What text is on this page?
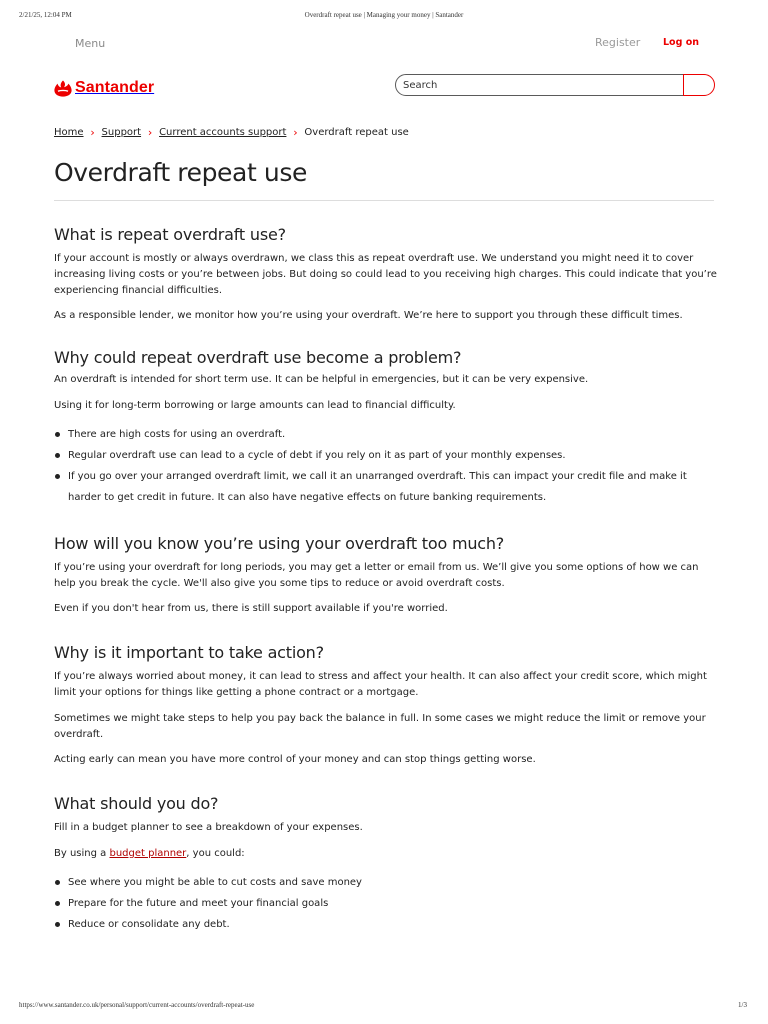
2/21/25, 12:04 PM	Overdraft repeat use | Managing your money | Santander
Menu	Register Log on
Santander
Search
Home › Support › Current accounts support › Overdraft repeat use
Overdraft repeat use
What is repeat overdraft use?

If your account is mostly or always overdrawn, we class this as repeat overdraft use. We understand you might need it to cover increasing living costs or you’re between jobs. But doing so could lead to you receiving high charges. This could indicate that you’re experiencing financial difficulties.

As a responsible lender, we monitor how you’re using your overdraft. We’re here to support you through these difficult times.

Why could repeat overdraft use become a problem?

An overdraft is intended for short term use. It can be helpful in emergencies, but it can be very expensive.

Using it for long-term borrowing or large amounts can lead to financial difficulty.

There are high costs for using an overdraft.
Regular overdraft use can lead to a cycle of debt if you rely on it as part of your monthly expenses.
If you go over your arranged overdraft limit, we call it an unarranged overdraft. This can impact your credit file and make it harder to get credit in future. It can also have negative effects on future banking requirements.
How will you know you’re using your overdraft too much?

If you’re using your overdraft for long periods, you may get a letter or email from us. We’ll give you some options of how we can help you break the cycle. We'll also give you some tips to reduce or avoid overdraft costs.

Even if you don't hear from us, there is still support available if you're worried.

Why is it important to take action?

If you’re always worried about money, it can lead to stress and affect your health. It can also affect your credit score, which might limit your options for things like getting a phone contract or a mortgage.

Sometimes we might take steps to help you pay back the balance in full. In some cases we might reduce the limit or remove your overdraft.

Acting early can mean you have more control of your money and can stop things getting worse.

What should you do?

Fill in a budget planner to see a breakdown of your expenses.

By using a budget planner, you could:

See where you might be able to cut costs and save money
Prepare for the future and meet your financial goals
Reduce or consolidate any debt.
https://www.santander.co.uk/personal/support/current-accounts/overdraft-repeat-use	1/3
